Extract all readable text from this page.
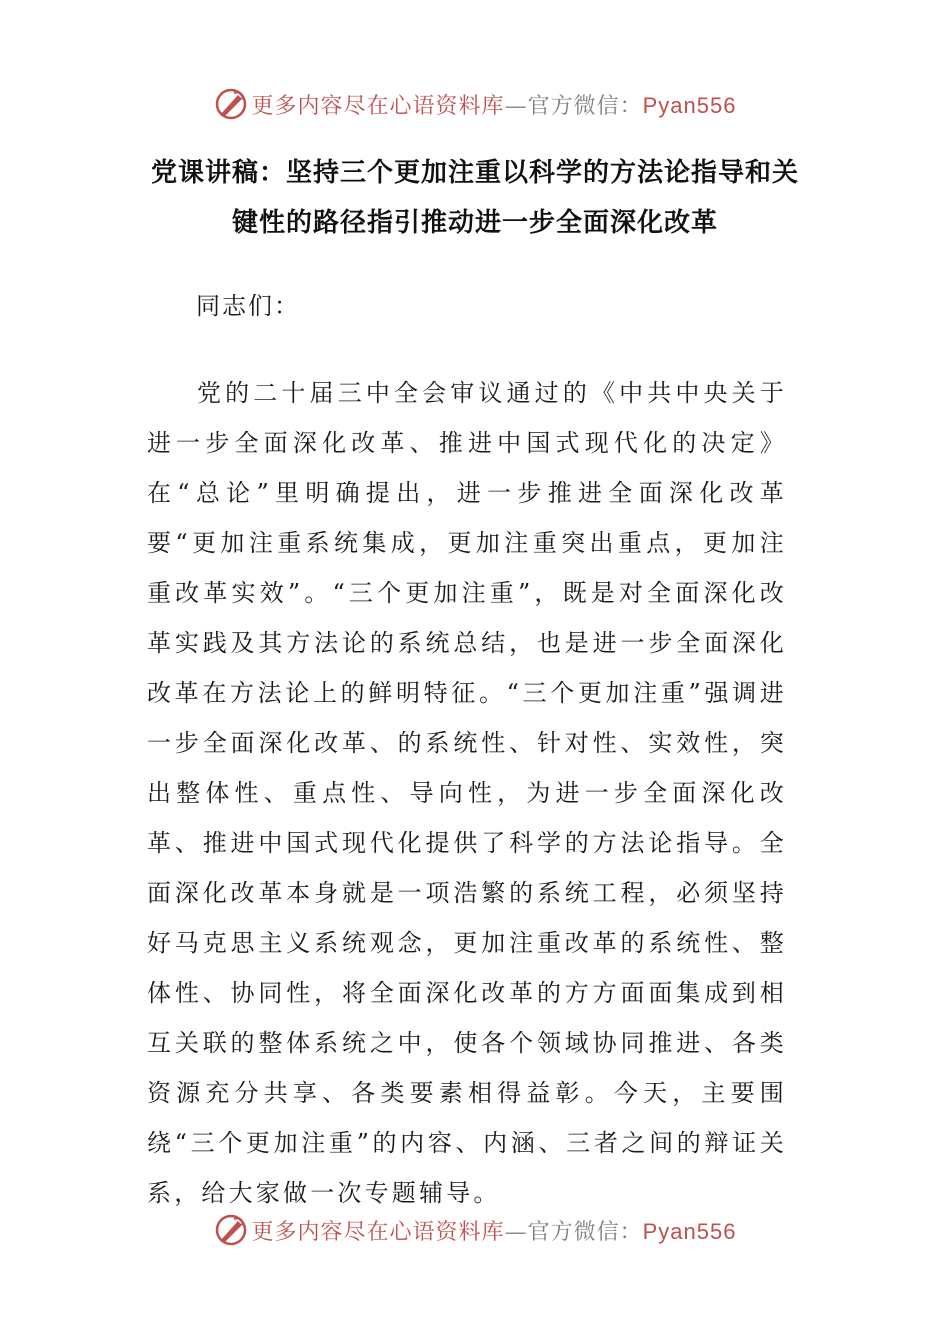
更多内容尽在心语资料库—官方微信：Pyan556
党课讲稿：坚持三个更加注重以科学的方法论指导和关键性的路径指引推动进一步全面深化改革
同志们：

党的二十届三中全会审议通过的《中共中央关于进一步全面深化改革、推进中国式现代化的决定》在“总论”里明确提出，进一步推进全面深化改革要“更加注重系统集成，更加注重突出重点，更加注重改革实效”。“三个更加注重”，既是对全面深化改革实践及其方法论的系统总结，也是进一步全面深化改革在方法论上的鲜明特征。“三个更加注重”强调进一步全面深化改革、的系统性、针对性、实效性，突出整体性、重点性、导向性，为进一步全面深化改革、推进中国式现代化提供了科学的方法论指导。全面深化改革本身就是一项浩繁的系统工程，必须坚持好马克思主义系统观念，更加注重改革的系统性、整体性、协同性，将全面深化改革的方方面面集成到相互关联的整体系统之中，使各个领域协同推进、各类资源充分共享、各类要素相得益彰。今天，主要围绕“三个更加注重”的内容、内涵、三者之间的辩证关系，给大家做一次专题辅导。

更多内容尽在心语资料库—官方微信：Pyan556
